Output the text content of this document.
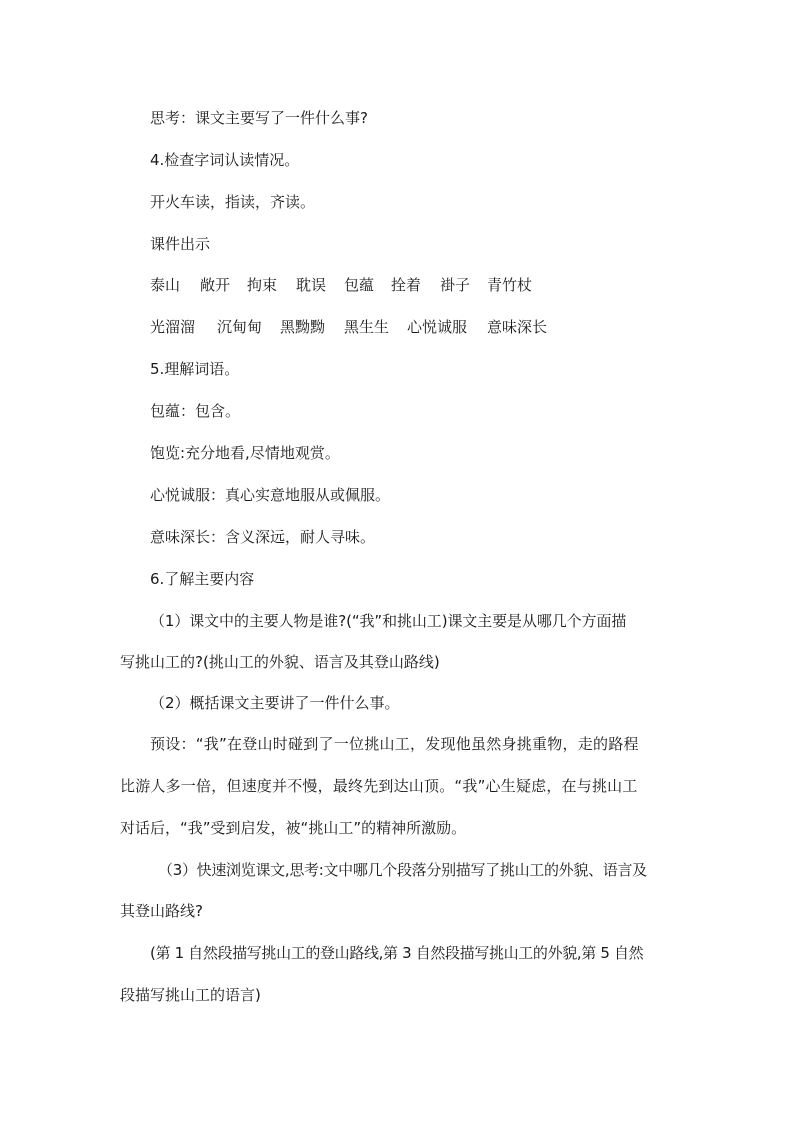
思考：课文主要写了一件什么事?
4.检查字词认读情况。
开火车读，指读，齐读。
课件出示
泰山 敞开 拘束 耽误 包蕴 拴着 褂子 青竹杖
光溜溜 沉甸甸 黑黝黝 黑生生 心悦诚服 意味深长
5.理解词语。
包蕴：包含。
饱览:充分地看,尽情地观赏。
心悦诚服：真心实意地服从或佩服。
意味深长：含义深远，耐人寻味。
6.了解主要内容
（1）课文中的主要人物是谁?(“我”和挑山工)课文主要是从哪几个方面描
写挑山工的?(挑山工的外貌、语言及其登山路线)
（2）概括课文主要讲了一件什么事。
预设：“我”在登山时碰到了一位挑山工，发现他虽然身挑重物，走的路程
比游人多一倍，但速度并不慢，最终先到达山顶。“我”心生疑虑，在与挑山工
对话后，“我”受到启发，被“挑山工”的精神所激励。
（3）快速浏览课文,思考:文中哪几个段落分别描写了挑山工的外貌、语言及
其登山路线?
(第 1 自然段描写挑山工的登山路线,第 3 自然段描写挑山工的外貌,第 5 自然
段描写挑山工的语言)
